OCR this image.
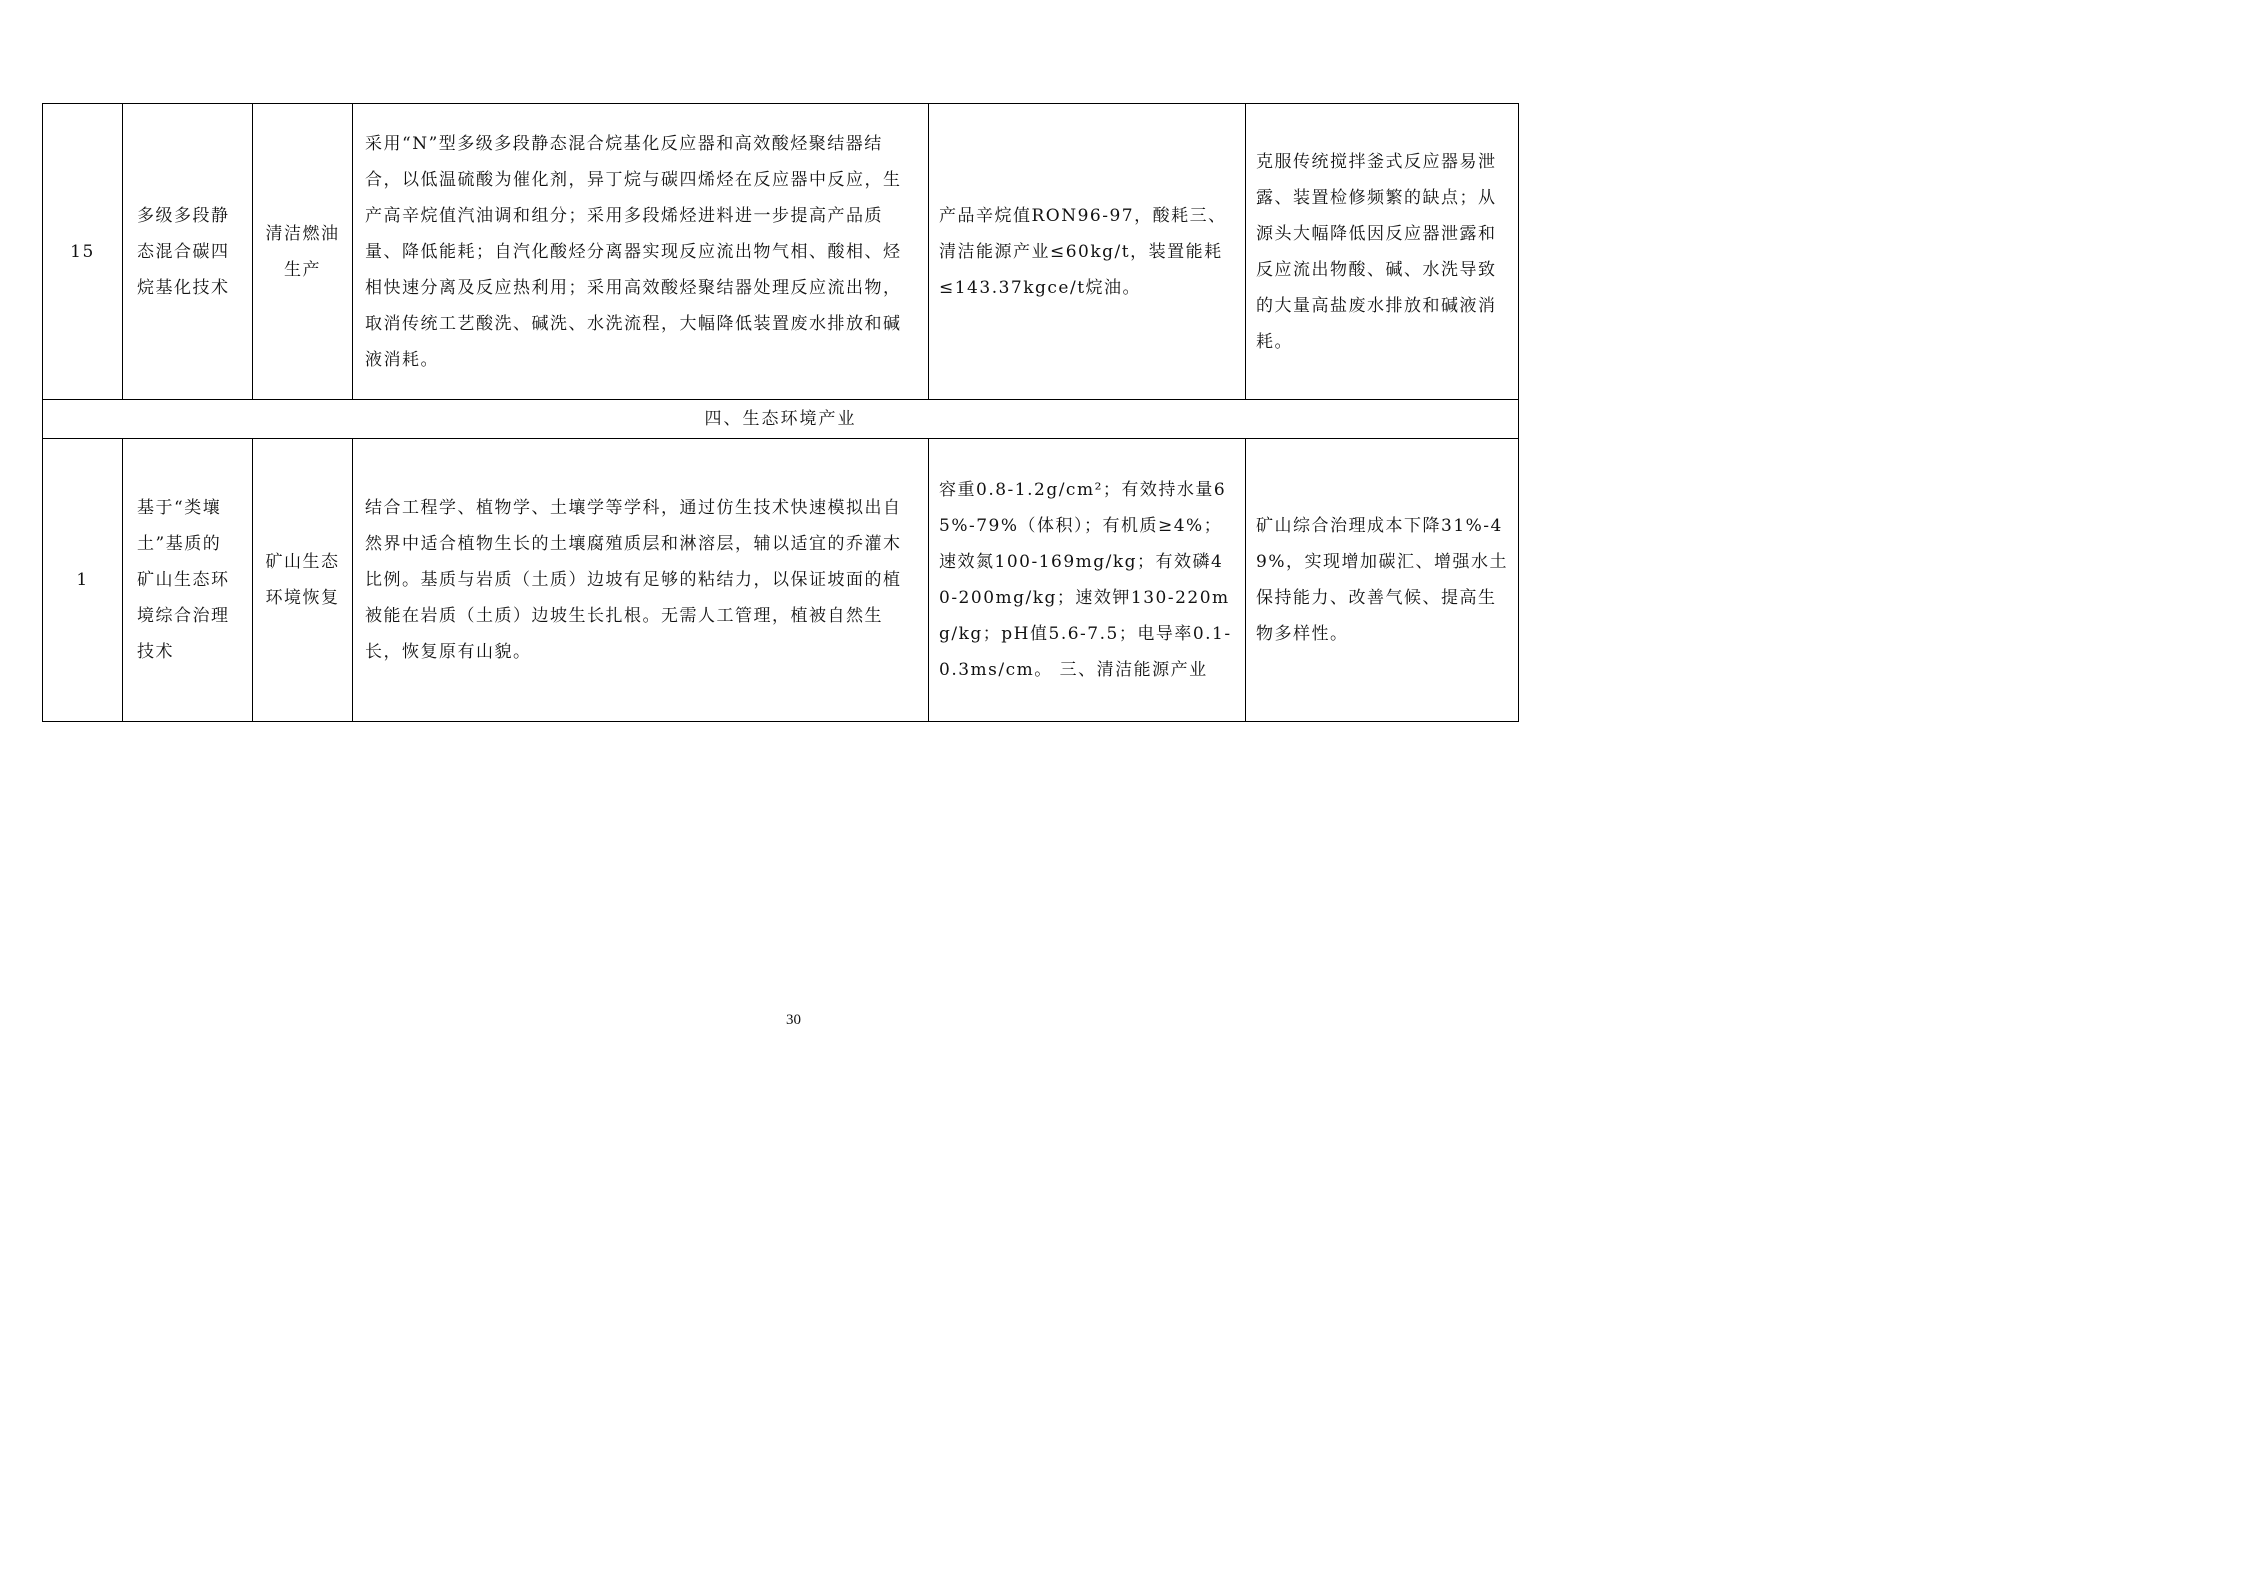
15	多级多段静态混合碳四烷基化技术	清洁燃油生产	采用“N”型多级多段静态混合烷基化反应器和高效酸烃聚结器结合，以低温硫酸为催化剂，异丁烷与碳四烯烃在反应器中反应，生产高辛烷值汽油调和组分；采用多段烯烃进料进一步提高产品质量、降低能耗；自汽化酸烃分离器实现反应流出物气相、酸相、烃相快速分离及反应热利用；采用高效酸烃聚结器处理反应流出物，取消传统工艺酸洗、碱洗、水洗流程，大幅降低装置废水排放和碱液消耗。	产品辛烷值RON96-97，酸耗三、清洁能源产业≤60kg/t，装置能耗≤143.37kgce/t烷油。	克服传统搅拌釜式反应器易泄露、装置检修频繁的缺点；从源头大幅降低因反应器泄露和反应流出物酸、碱、水洗导致的大量高盐废水排放和碱液消耗。
四、生态环境产业					
1	基于“类壤土”基质的矿山生态环境综合治理技术	矿山生态环境恢复	结合工程学、植物学、土壤学等学科，通过仿生技术快速模拟出自然界中适合植物生长的土壤腐殖质层和淋溶层，辅以适宜的乔灌木比例。基质与岩质（土质）边坡有足够的粘结力，以保证坡面的植被能在岩质（土质）边坡生长扎根。无需人工管理，植被自然生长，恢复原有山貌。	容重0.8-1.2g/cm²；有效持水量65%-79%（体积）；有机质≥4%；速效氮100-169mg/kg；有效磷40-200mg/kg；速效钾130-220mg/kg；pH值5.6-7.5；电导率0.1-0.3ms/cm。 三、清洁能源产业	矿山综合治理成本下降31%-49%，实现增加碳汇、增强水土保持能力、改善气候、提高生物多样性。
30
